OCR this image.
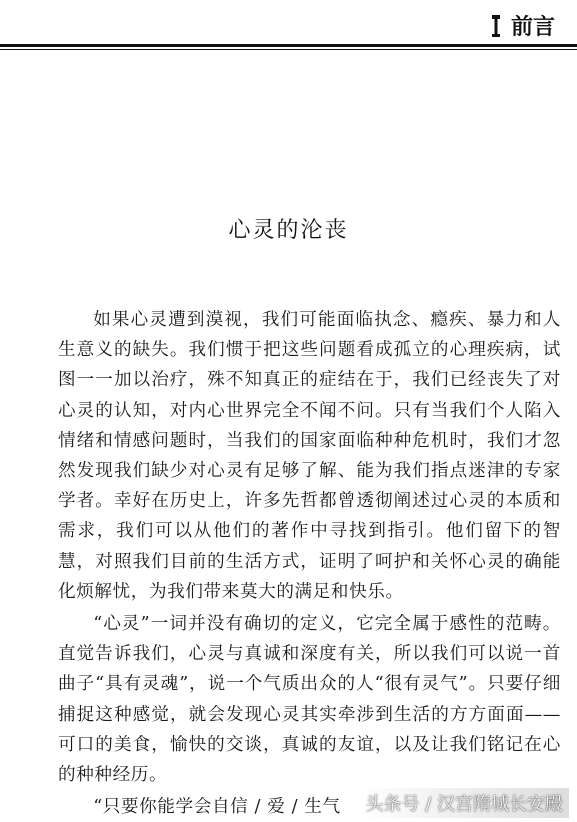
前言
心灵的沦丧

如果心灵遭到漠视，我们可能面临执念、瘾疾、暴力和人生意义的缺失。我们惯于把这些问题看成孤立的心理疾病，试图一一加以治疗，殊不知真正的症结在于，我们已经丧失了对心灵的认知，对内心世界完全不闻不问。只有当我们个人陷入情绪和情感问题时，当我们的国家面临种种危机时，我们才忽然发现我们缺少对心灵有足够了解、能为我们指点迷津的专家学者。幸好在历史上，许多先哲都曾透彻阐述过心灵的本质和需求，我们可以从他们的著作中寻找到指引。他们留下的智慧，对照我们目前的生活方式，证明了呵护和关怀心灵的确能化烦解忧，为我们带来莫大的满足和快乐。

“心灵”一词并没有确切的定义，它完全属于感性的范畴。直觉告诉我们，心灵与真诚和深度有关，所以我们可以说一首曲子“具有灵魂”，说一个气质出众的人“很有灵气”。只要仔细捕捉这种感觉，就会发现心灵其实牵涉到生活的方方面面——可口的美食，愉快的交谈，真诚的友谊，以及让我们铭记在心的种种经历。

“只要你能学会自信 / 爱 / 生气	头条号 / 汉宫隋城长安殿
